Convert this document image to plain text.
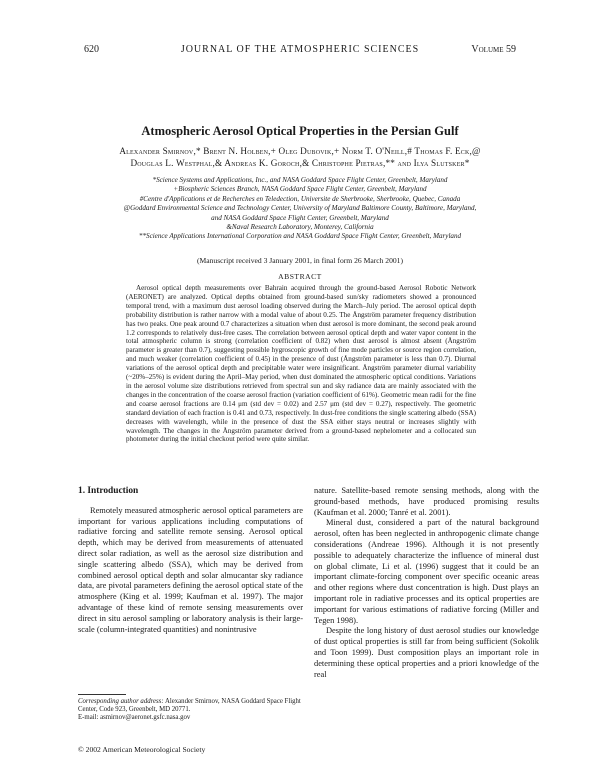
620	JOURNAL OF THE ATMOSPHERIC SCIENCES	Volume 59
Atmospheric Aerosol Optical Properties in the Persian Gulf
Alexander Smirnov,* Brent N. Holben,+ Oleg Dubovik,+ Norm T. O'Neill,# Thomas F. Eck,@
Douglas L. Westphal,& Andreas K. Goroch,& Christophe Pietras,** and Ilya Slutsker*
*Science Systems and Applications, Inc., and NASA Goddard Space Flight Center, Greenbelt, Maryland
+Biospheric Sciences Branch, NASA Goddard Space Flight Center, Greenbelt, Maryland
#Centre d'Applications et de Recherches en Teledection, Universite de Sherbrooke, Sherbrooke, Quebec, Canada
@Goddard Environmental Science and Technology Center, University of Maryland Baltimore County, Baltimore, Maryland,
and NASA Goddard Space Flight Center, Greenbelt, Maryland
&Naval Research Laboratory, Monterey, California
**Science Applications International Corporation and NASA Goddard Space Flight Center, Greenbelt, Maryland
(Manuscript received 3 January 2001, in final form 26 March 2001)
ABSTRACT

Aerosol optical depth measurements over Bahrain acquired through the ground-based Aerosol Robotic Network (AERONET) are analyzed. Optical depths obtained from ground-based sun/sky radiometers showed a pronounced temporal trend, with a maximum dust aerosol loading observed during the March–July period. The aerosol optical depth probability distribution is rather narrow with a modal value of about 0.25. The Ångström parameter frequency distribution has two peaks. One peak around 0.7 characterizes a situation when dust aerosol is more dominant, the second peak around 1.2 corresponds to relatively dust-free cases. The correlation between aerosol optical depth and water vapor content in the total atmospheric column is strong (correlation coefficient of 0.82) when dust aerosol is almost absent (Ångström parameter is greater than 0.7), suggesting possible hygroscopic growth of fine mode particles or source region correlation, and much weaker (correlation coefficient of 0.45) in the presence of dust (Ångström parameter is less than 0.7). Diurnal variations of the aerosol optical depth and precipitable water were insignificant. Ångström parameter diurnal variability (~20%–25%) is evident during the April–May period, when dust dominated the atmospheric optical conditions. Variations in the aerosol volume size distributions retrieved from spectral sun and sky radiance data are mainly associated with the changes in the concentration of the coarse aerosol fraction (variation coefficient of 61%). Geometric mean radii for the fine and coarse aerosol fractions are 0.14 μm (std dev = 0.02) and 2.57 μm (std dev = 0.27), respectively. The geometric standard deviation of each fraction is 0.41 and 0.73, respectively. In dust-free conditions the single scattering albedo (SSA) decreases with wavelength, while in the presence of dust the SSA either stays neutral or increases slightly with wavelength. The changes in the Ångström parameter derived from a ground-based nephelometer and a collocated sun photometer during the initial checkout period were quite similar.

1. Introduction

Remotely measured atmospheric aerosol optical parameters are important for various applications including computations of radiative forcing and satellite remote sensing. Aerosol optical depth, which may be derived from measurements of attenuated direct solar radiation, as well as the aerosol size distribution and single scattering albedo (SSA), which may be derived from combined aerosol optical depth and solar almucantar sky radiance data, are pivotal parameters defining the aerosol optical state of the atmosphere (King et al. 1999; Kaufman et al. 1997). The major advantage of these kind of remote sensing measurements over direct in situ aerosol sampling or laboratory analysis is their large-scale (column-integrated quantities) and nonintrusive

nature. Satellite-based remote sensing methods, along with the ground-based methods, have produced promising results (Kaufman et al. 2000; Tanré et al. 2001).

Mineral dust, considered a part of the natural background aerosol, often has been neglected in anthropogenic climate change considerations (Andreae 1996). Although it is not presently possible to adequately characterize the influence of mineral dust on global climate, Li et al. (1996) suggest that it could be an important climate-forcing component over specific oceanic areas and other regions where dust concentration is high. Dust plays an important role in radiative processes and its optical properties are important for various estimations of radiative forcing (Miller and Tegen 1998).

Despite the long history of dust aerosol studies our knowledge of dust optical properties is still far from being sufficient (Sokolik and Toon 1999). Dust composition plays an important role in determining these optical properties and a priori knowledge of the real

Corresponding author address: Alexander Smirnov, NASA Goddard Space Flight Center, Code 923, Greenbelt, MD 20771.

E-mail: asmirnov@aeronet.gsfc.nasa.gov

© 2002 American Meteorological Society
